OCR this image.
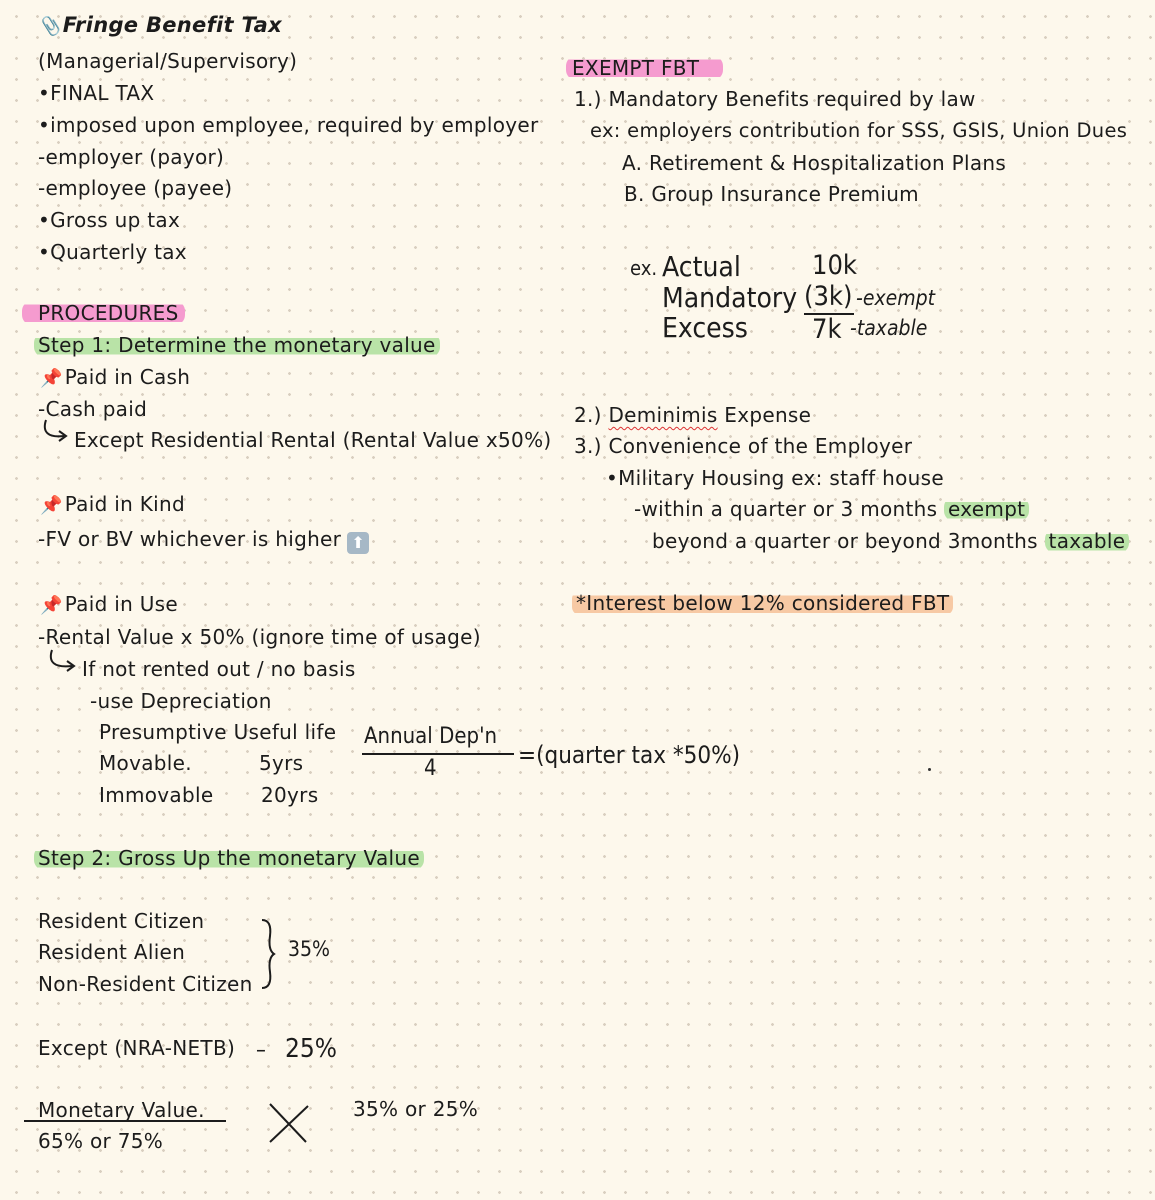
📎Fringe Benefit Tax
(Managerial/Supervisory)
•FINAL TAX
•imposed upon employee, required by employer
-employer (payor)
-employee (payee)
•Gross up tax
•Quarterly tax
PROCEDURES
Step 1: Determine the monetary value
📌 Paid in Cash
-Cash paid
Except Residential Rental (Rental Value x50%)
📌 Paid in Kind
-FV or BV whichever is higher ⬆
📌 Paid in Use
-Rental Value x 50% (ignore time of usage)
If not rented out / no basis
-use Depreciation
Presumptive Useful life
Movable.	5yrs
Immovable 20yrs
Annual Dep'n
4	=(quarter tax *50%)
Step 2: Gross Up the monetary Value
Resident Citizen
Resident Alien
Non-Resident Citizen
35%
Except (NRA-NETB) – 25%
Monetary Value.
65% or 75%
35% or 25%
EXEMPT FBT
1.) Mandatory Benefits required by law
ex: employers contribution for SSS, GSIS, Union Dues
A. Retirement & Hospitalization Plans
B. Group Insurance Premium
ex. Actual	10k
Mandatory (3k) -exempt
Excess 7k -taxable
2.) Deminimis Expense
3.) Convenience of the Employer
•Military Housing ex: staff house
-within a quarter or 3 months exempt
beyond a quarter or beyond 3months taxable
*Interest below 12% considered FBT
